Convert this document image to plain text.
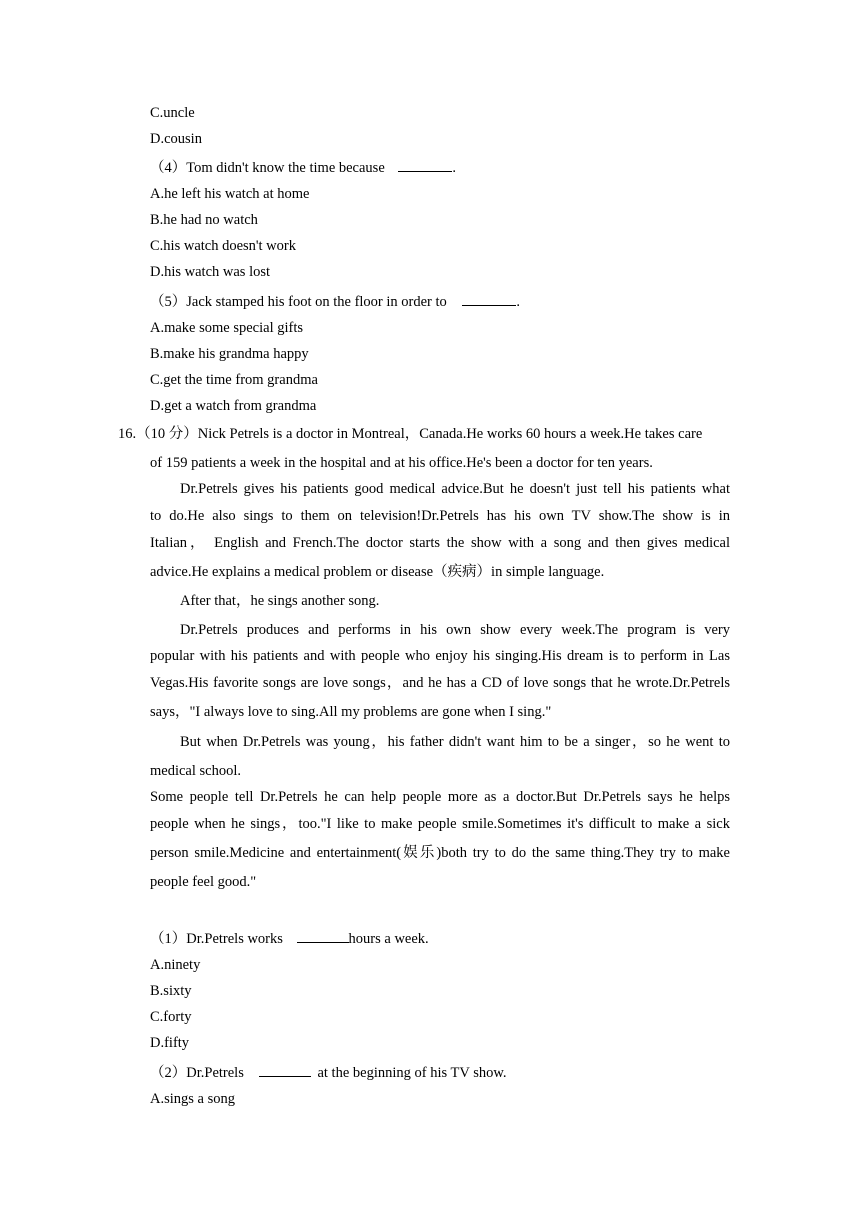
C.uncle
D.cousin
（4）Tom didn't know the time because	.
A.he left his watch at home
B.he had no watch
C.his watch doesn't work
D.his watch was lost
（5）Jack stamped his foot on the floor in order to	.
A.make some special gifts
B.make his grandma happy
C.get the time from grandma
D.get a watch from grandma
16.（10 分）Nick Petrels is a doctor in Montreal，Canada.He works 60 hours a week.He takes care
of 159 patients a week in the hospital and at his office.He's been a doctor for ten years.
Dr.Petrels gives his patients good medical advice.But he doesn't just tell his patients what
to do.He also sings to them on television!Dr.Petrels has his own TV show.The show is in
Italian， English and French.The doctor starts the show with a song and then gives medical
advice.He explains a medical problem or disease（疾病）in simple language.
After that，he sings another song.
Dr.Petrels produces and performs in his own show every week.The program is very
popular with his patients and with people who enjoy his singing.His dream is to perform in Las
Vegas.His favorite songs are love songs，and he has a CD of love songs that he wrote.Dr.Petrels
says，"I always love to sing.All my problems are gone when I sing."
But when Dr.Petrels was young，his father didn't want him to be a singer，so he went to
medical school.
Some people tell Dr.Petrels he can help people more as a doctor.But Dr.Petrels says he helps
people when he sings，too."I like to make people smile.Sometimes it's difficult to make a sick
person smile.Medicine and entertainment(娱乐)both try to do the same thing.They try to make
people feel good."
（1）Dr.Petrels works	hours a week.
A.ninety
B.sixty
C.forty
D.fifty
（2）Dr.Petrels	at the beginning of his TV show.
A.sings a song
